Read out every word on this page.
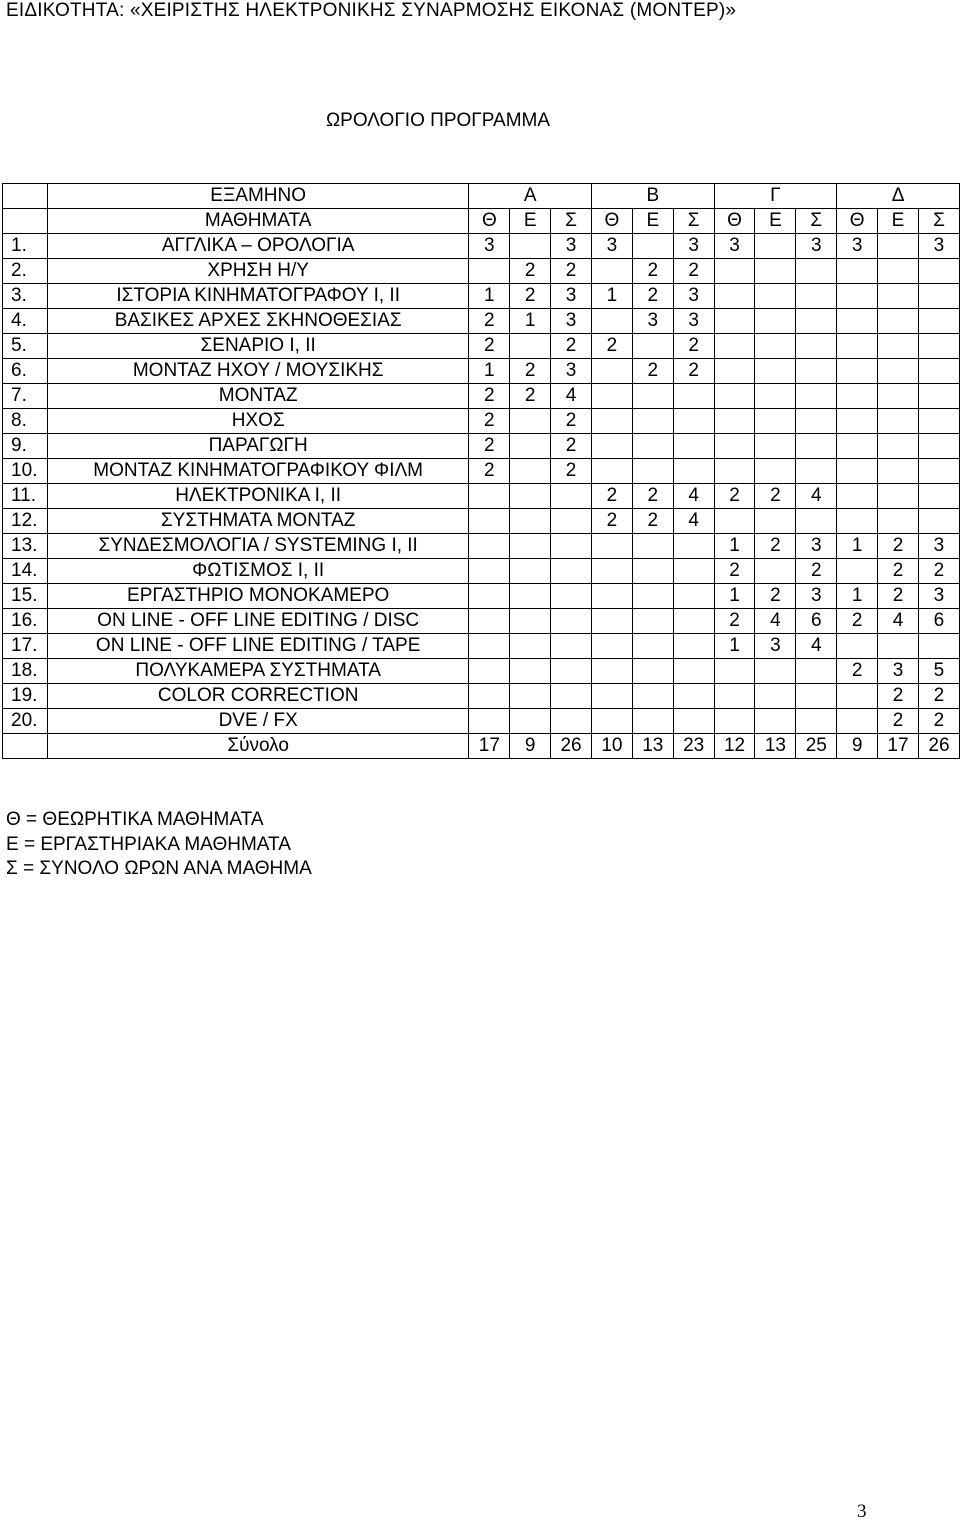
ΕΙΔΙΚΟΤΗΤΑ: «ΧΕΙΡΙΣΤΗΣ ΗΛΕΚΤΡΟΝΙΚΗΣ ΣΥΝΑΡΜΟΣΗΣ ΕΙΚΟΝΑΣ (ΜΟΝΤΕΡ)»
ΩΡΟΛΟΓΙΟ ΠΡΟΓΡΑΜΜΑ
	ΕΞΑΜΗΝΟ	Α			Β			Γ			Δ		
	ΜΑΘΗΜΑΤΑ	Θ	Ε	Σ	Θ	Ε	Σ	Θ	Ε	Σ	Θ	Ε	Σ
1.	ΑΓΓΛΙΚΑ – ΟΡΟΛΟΓΙΑ	3		3	3		3	3		3	3		3
2.	ΧΡΗΣΗ Η/Υ		2	2		2	2						
3.	ΙΣΤΟΡΙΑ ΚΙΝΗΜΑΤΟΓΡΑΦΟΥ Ι, ΙΙ	1	2	3	1	2	3						
4.	ΒΑΣΙΚΕΣ ΑΡΧΕΣ ΣΚΗΝΟΘΕΣΙΑΣ	2	1	3		3	3						
5.	ΣΕΝΑΡΙΟ Ι, ΙΙ	2		2	2		2						
6.	ΜΟΝΤΑΖ ΗΧΟΥ / ΜΟΥΣΙΚΗΣ	1	2	3		2	2						
7.	ΜΟΝΤΑΖ	2	2	4									
8.	ΗΧΟΣ	2		2									
9.	ΠΑΡΑΓΩΓΗ	2		2									
10.	ΜΟΝΤΑΖ ΚΙΝΗΜΑΤΟΓΡΑΦΙΚΟΥ ΦΙΛΜ	2		2									
11.	ΗΛΕΚΤΡΟΝΙΚΑ Ι, ΙΙ				2	2	4	2	2	4			
12.	ΣΥΣΤΗΜΑΤΑ ΜΟΝΤΑΖ				2	2	4						
13.	ΣΥΝΔΕΣΜΟΛΟΓΙΑ / SYSTEMING I, II							1	2	3	1	2	3
14.	ΦΩΤΙΣΜΟΣ Ι, ΙΙ							2		2		2	2
15.	ΕΡΓΑΣΤΗΡΙΟ ΜΟΝΟΚΑΜΕΡΟ							1	2	3	1	2	3
16.	ON LINE - OFF LINE EDITING / DISC							2	4	6	2	4	6
17.	ON LINE - OFF LINE EDITING / TAPE							1	3	4			
18.	ΠΟΛΥΚΑΜΕΡΑ ΣΥΣΤΗΜΑΤΑ										2	3	5
19.	COLOR CORRECTION											2	2
20.	DVE / FX											2	2
	Σύνολο	17	9	26	10	13	23	12	13	25	9	17	26
Θ = ΘΕΩΡΗΤΙΚΑ ΜΑΘΗΜΑΤΑ
Ε = ΕΡΓΑΣΤΗΡΙΑΚΑ ΜΑΘΗΜΑΤΑ
Σ = ΣΥΝΟΛΟ ΩΡΩΝ ΑΝΑ ΜΑΘΗΜΑ
3
